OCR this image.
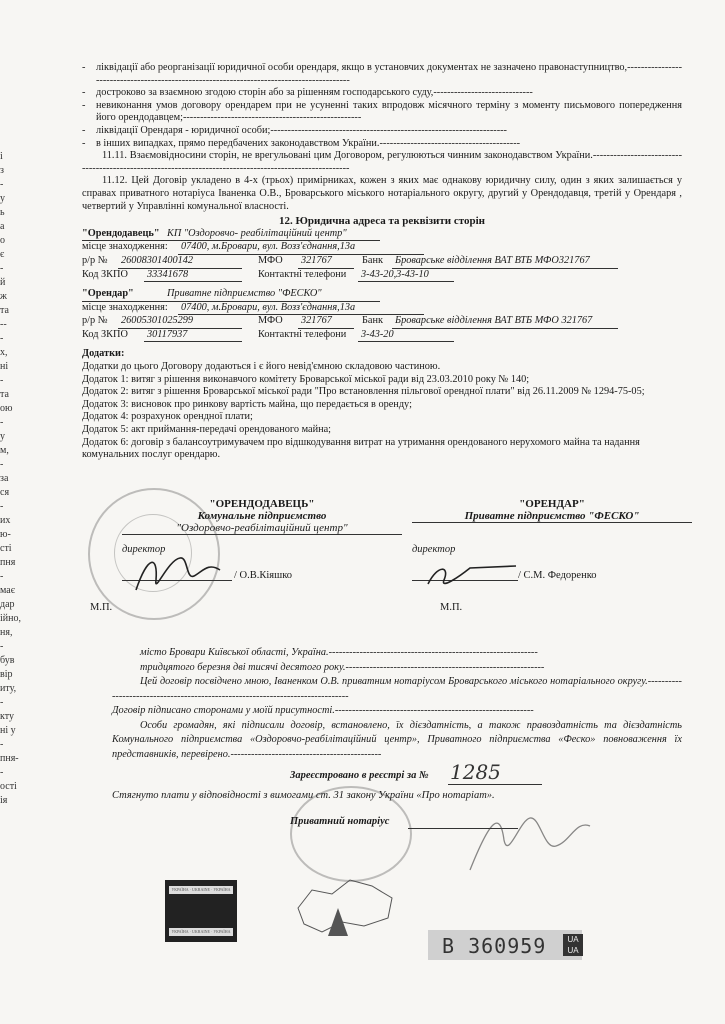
і
з
-
у
ь
а
о
є
-
й
ж
та
--
-
х,
ні
-
та
ою
-
у
м,
-
за
ся
-
их
ю-
сті
пня
-
має
дар
ійно,
ня,
-
був
вір
иту,
-
кту
ні у
-
пня-
-
ості
ія
-	ліквідації або реорганізації юридичної особи орендаря, якщо в установчих документах не зазначено правонаступництво,------------------------------------------------------------------------------------------
-	достроково за взаємною згодою сторін або за рішенням господарського суду,-----------------------------
-	невиконання умов договору орендарем при не усуненні таких впродовж місячного терміну з моменту письмового попередження його орендодавцем;----------------------------------------------------
-	ліквідації Орендаря - юридичної особи;---------------------------------------------------------------------
-	в інших випадках, прямо передбачених законодавством України.-----------------------------------------
11.11. Взаємовідносини сторін, не врегульовані цим Договором, регулюються чинним законодавством України.--------------------------------------------------------------------------------------------------------
11.12. Цей Договір укладено в 4-х (трьох) примірниках, кожен з яких має однакову юридичну силу, один з яких залишається у справах приватного нотаріуса Іваненка О.В., Броварського міського нотаріального округу, другий у Орендодавця, третій у Орендаря , четвертий у Управлінні комунальної власності.
12. Юридична адреса та реквізити сторін
"Орендодавець" КП "Оздоровчо- реабілітаційний центр"
місце знаходження:	07400, м.Бровари, вул. Возз'єднання,13а
р/р №	26008301400142	МФО	321767	Банк	Броварське відділення ВАТ ВТБ МФО321767
Код ЗКПО	33341678	Контактні телефони	3-43-20,3-43-10
"Орендар"	Приватне підприємство "ФЕСКО"
місце знаходження:	07400, м.Бровари, вул. Возз'єднання,13а
р/р №	26005301025299	МФО	321767	Банк	Броварське відділення ВАТ ВТБ МФО 321767
Код ЗКПО	30117937	Контактні телефони	3-43-20
Додатки:
Додатки до цього Договору додаються і є його невід'ємною складовою частиною.
Додаток 1: витяг з рішення виконавчого комітету Броварської міської ради від 23.03.2010 року № 140;
Додаток 2: витяг з рішення Броварської міської ради "Про встановлення пільгової орендної плати" від 26.11.2009 № 1294-75-05;
Додаток 3: висновок про ринкову вартість майна, що передається в оренду;
Додаток 4: розрахунок орендної плати;
Додаток 5: акт приймання-передачі орендованого майна;
Додаток 6: договір з балансоутримувачем про відшкодування витрат на утримання орендованого нерухомого майна та надання комунальних послуг орендарю.
"ОРЕНДОДАВЕЦЬ"
Комунальне підприємство
"Оздоровчо-реабілітаційний центр"
"ОРЕНДАР"
Приватне підприємство "ФЕСКО"
директор	директор
/ О.В.Кіяшко	/ С.М. Федоренко
М.П.	М.П.
місто Бровари Київської області, Україна.-------------------------------------------------------------
тридцятого березня дві тисячі десятого року.----------------------------------------------------------
Цей договір посвідчено мною, Іваненком О.В. приватним нотаріусом Броварського міського нотаріального округу.-------------------------------------------------------------------------------
Договір підписано сторонами у моїй присутності.----------------------------------------------------------
Особи громадян, які підписали договір, встановлено, їх дієздатність, а також правоздатність та дієздатність Комунального підприємства «Оздоровчо-реабілітаційний центр», Приватного підприємства «Феско» повноваження їх представників, перевірено.--------------------------------------------
Зареєстровано в реєстрі за № 1285
Стягнуто плати у відповідності з вимогами ст. 31 закону України «Про нотаріат».
Приватний нотаріус
УКРАЇНА · UKRAINE · УКРАЇНА
УКРАЇНА · UKRAINE · УКРАЇНА
В 360959	UA UA
